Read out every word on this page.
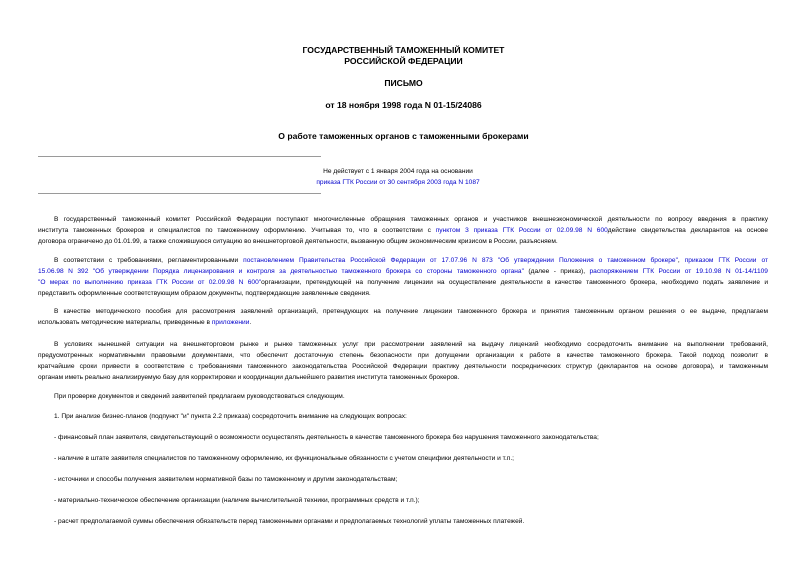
ГОСУДАРСТВЕННЫЙ ТАМОЖЕННЫЙ КОМИТЕТ
РОССИЙСКОЙ ФЕДЕРАЦИИ
ПИСЬМО
от 18 ноября 1998 года N 01-15/24086
О работе таможенных органов с таможенными брокерами
Не действует с 1 января 2004 года на основании
приказа ГТК России от 30 сентября 2003 года N 1087
В государственный таможенный комитет Российской Федерации поступают многочисленные обращения таможенных органов и участников внешнеэкономической деятельности по вопросу введения в практику
института таможенных брокеров и специалистов по таможенному оформлению. Учитывая то, что в соответствии с пунктом 3 приказа ГТК России от 02.09.98 N 600действие свидетельства декларантов на основе
договора ограничено до 01.01.99, а также сложившуюся ситуацию во внешнеторговой деятельности, вызванную общим экономическим кризисом в России, разъясняем.
В соответствии с требованиями, регламентированными постановлением Правительства Российской Федерации от 17.07.96 N 873 "Об утверждении Положения о таможенном брокере", приказом ГТК России от
15.06.98 N 392 "Об утверждении Порядка лицензирования и контроля за деятельностью таможенного брокера со стороны таможенного органа" (далее - приказ), распоряжением ГТК России от 19.10.98 N 01-14/1109
"О мерах по выполнению приказа ГТК России от 02.09.98 N 600"организации, претендующей на получение лицензии на осуществление деятельности в качестве таможенного брокера, необходимо подать заявление и
представить оформленные соответствующим образом документы, подтверждающие заявленные сведения.
В качестве методического пособия для рассмотрения заявлений организаций, претендующих на получение лицензии таможенного брокера и принятия таможенным органом решения о ее выдаче, предлагаем
использовать методические материалы, приведенные в приложении.
В условиях нынешней ситуации на внешнеторговом рынке и рынке таможенных услуг при рассмотрении заявлений на выдачу лицензий необходимо сосредоточить внимание на выполнении требований,
предусмотренных нормативными правовыми документами, что обеспечит достаточную степень безопасности при допущении организации к работе в качестве таможенного брокера. Такой подход позволит в
кратчайшие сроки привести в соответствие с требованиями таможенного законодательства Российской Федерации практику деятельности посреднических структур (декларантов на основе договора), и таможенным
органам иметь реально анализируемую базу для корректировки и координации дальнейшего развития института таможенных брокеров.
При проверке документов и сведений заявителей предлагаем руководствоваться следующим.
1. При анализе бизнес-планов (подпункт "и" пункта 2.2 приказа) сосредоточить внимание на следующих вопросах:
- финансовый план заявителя, свидетельствующий о возможности осуществлять деятельность в качестве таможенного брокера без нарушения таможенного законодательства;
- наличие в штате заявителя специалистов по таможенному оформлению, их функциональные обязанности с учетом специфики деятельности и т.п.;
- источники и способы получения заявителем нормативной базы по таможенному и другим законодательствам;
- материально-техническое обеспечение организации (наличие вычислительной техники, программных средств и т.п.);
- расчет предполагаемой суммы обеспечения обязательств перед таможенными органами и предполагаемых технологий уплаты таможенных платежей.
